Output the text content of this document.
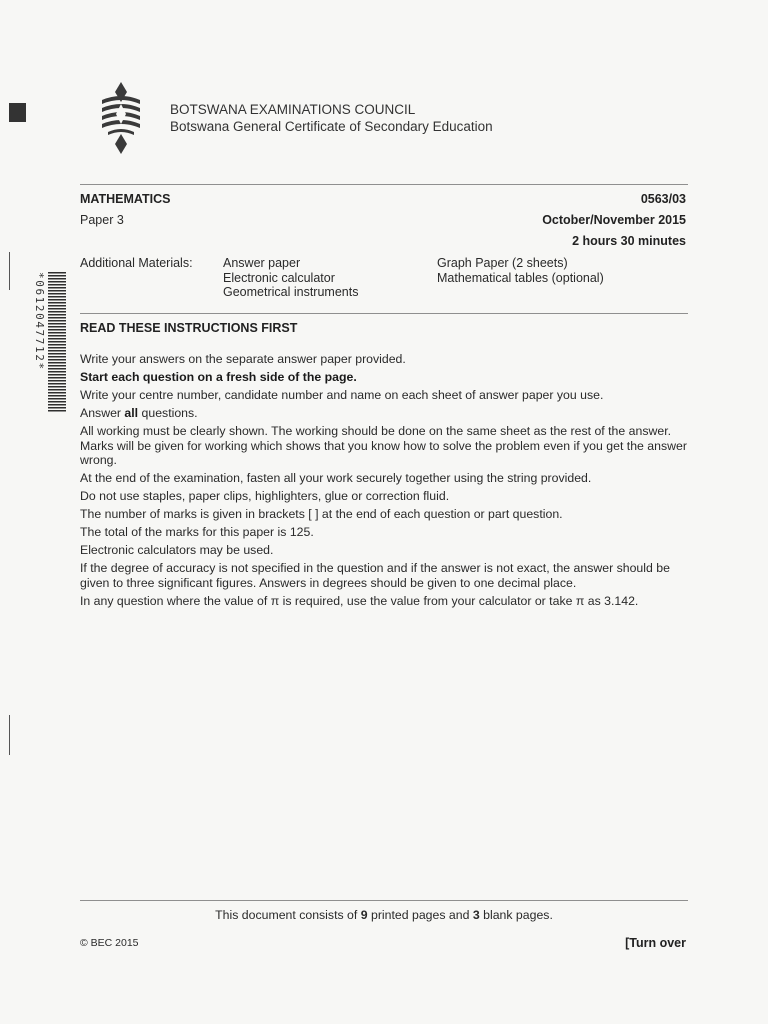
BOTSWANA EXAMINATIONS COUNCIL
Botswana General Certificate of Secondary Education
MATHEMATICS
Paper 3
0563/03
October/November 2015
2 hours 30 minutes
Additional Materials: Answer paper
Electronic calculator
Geometrical instruments
Graph Paper (2 sheets)
Mathematical tables (optional)
*0612047712*	READ THESE INSTRUCTIONS FIRST

Write your answers on the separate answer paper provided.

Start each question on a fresh side of the page.

Write your centre number, candidate number and name on each sheet of answer paper you use.

Answer all questions.

All working must be clearly shown. The working should be done on the same sheet as the rest of the answer.

Marks will be given for working which shows that you know how to solve the problem even if you get the answer wrong.

At the end of the examination, fasten all your work securely together using the string provided.

Do not use staples, paper clips, highlighters, glue or correction fluid.

The number of marks is given in brackets [ ] at the end of each question or part question.

The total of the marks for this paper is 125.

Electronic calculators may be used.

If the degree of accuracy is not specified in the question and if the answer is not exact, the answer should be given to three significant figures. Answers in degrees should be given to one decimal place.

In any question where the value of π is required, use the value from your calculator or take π as 3.142.

This document consists of 9 printed pages and 3 blank pages.
© BEC 2015	[Turn over
